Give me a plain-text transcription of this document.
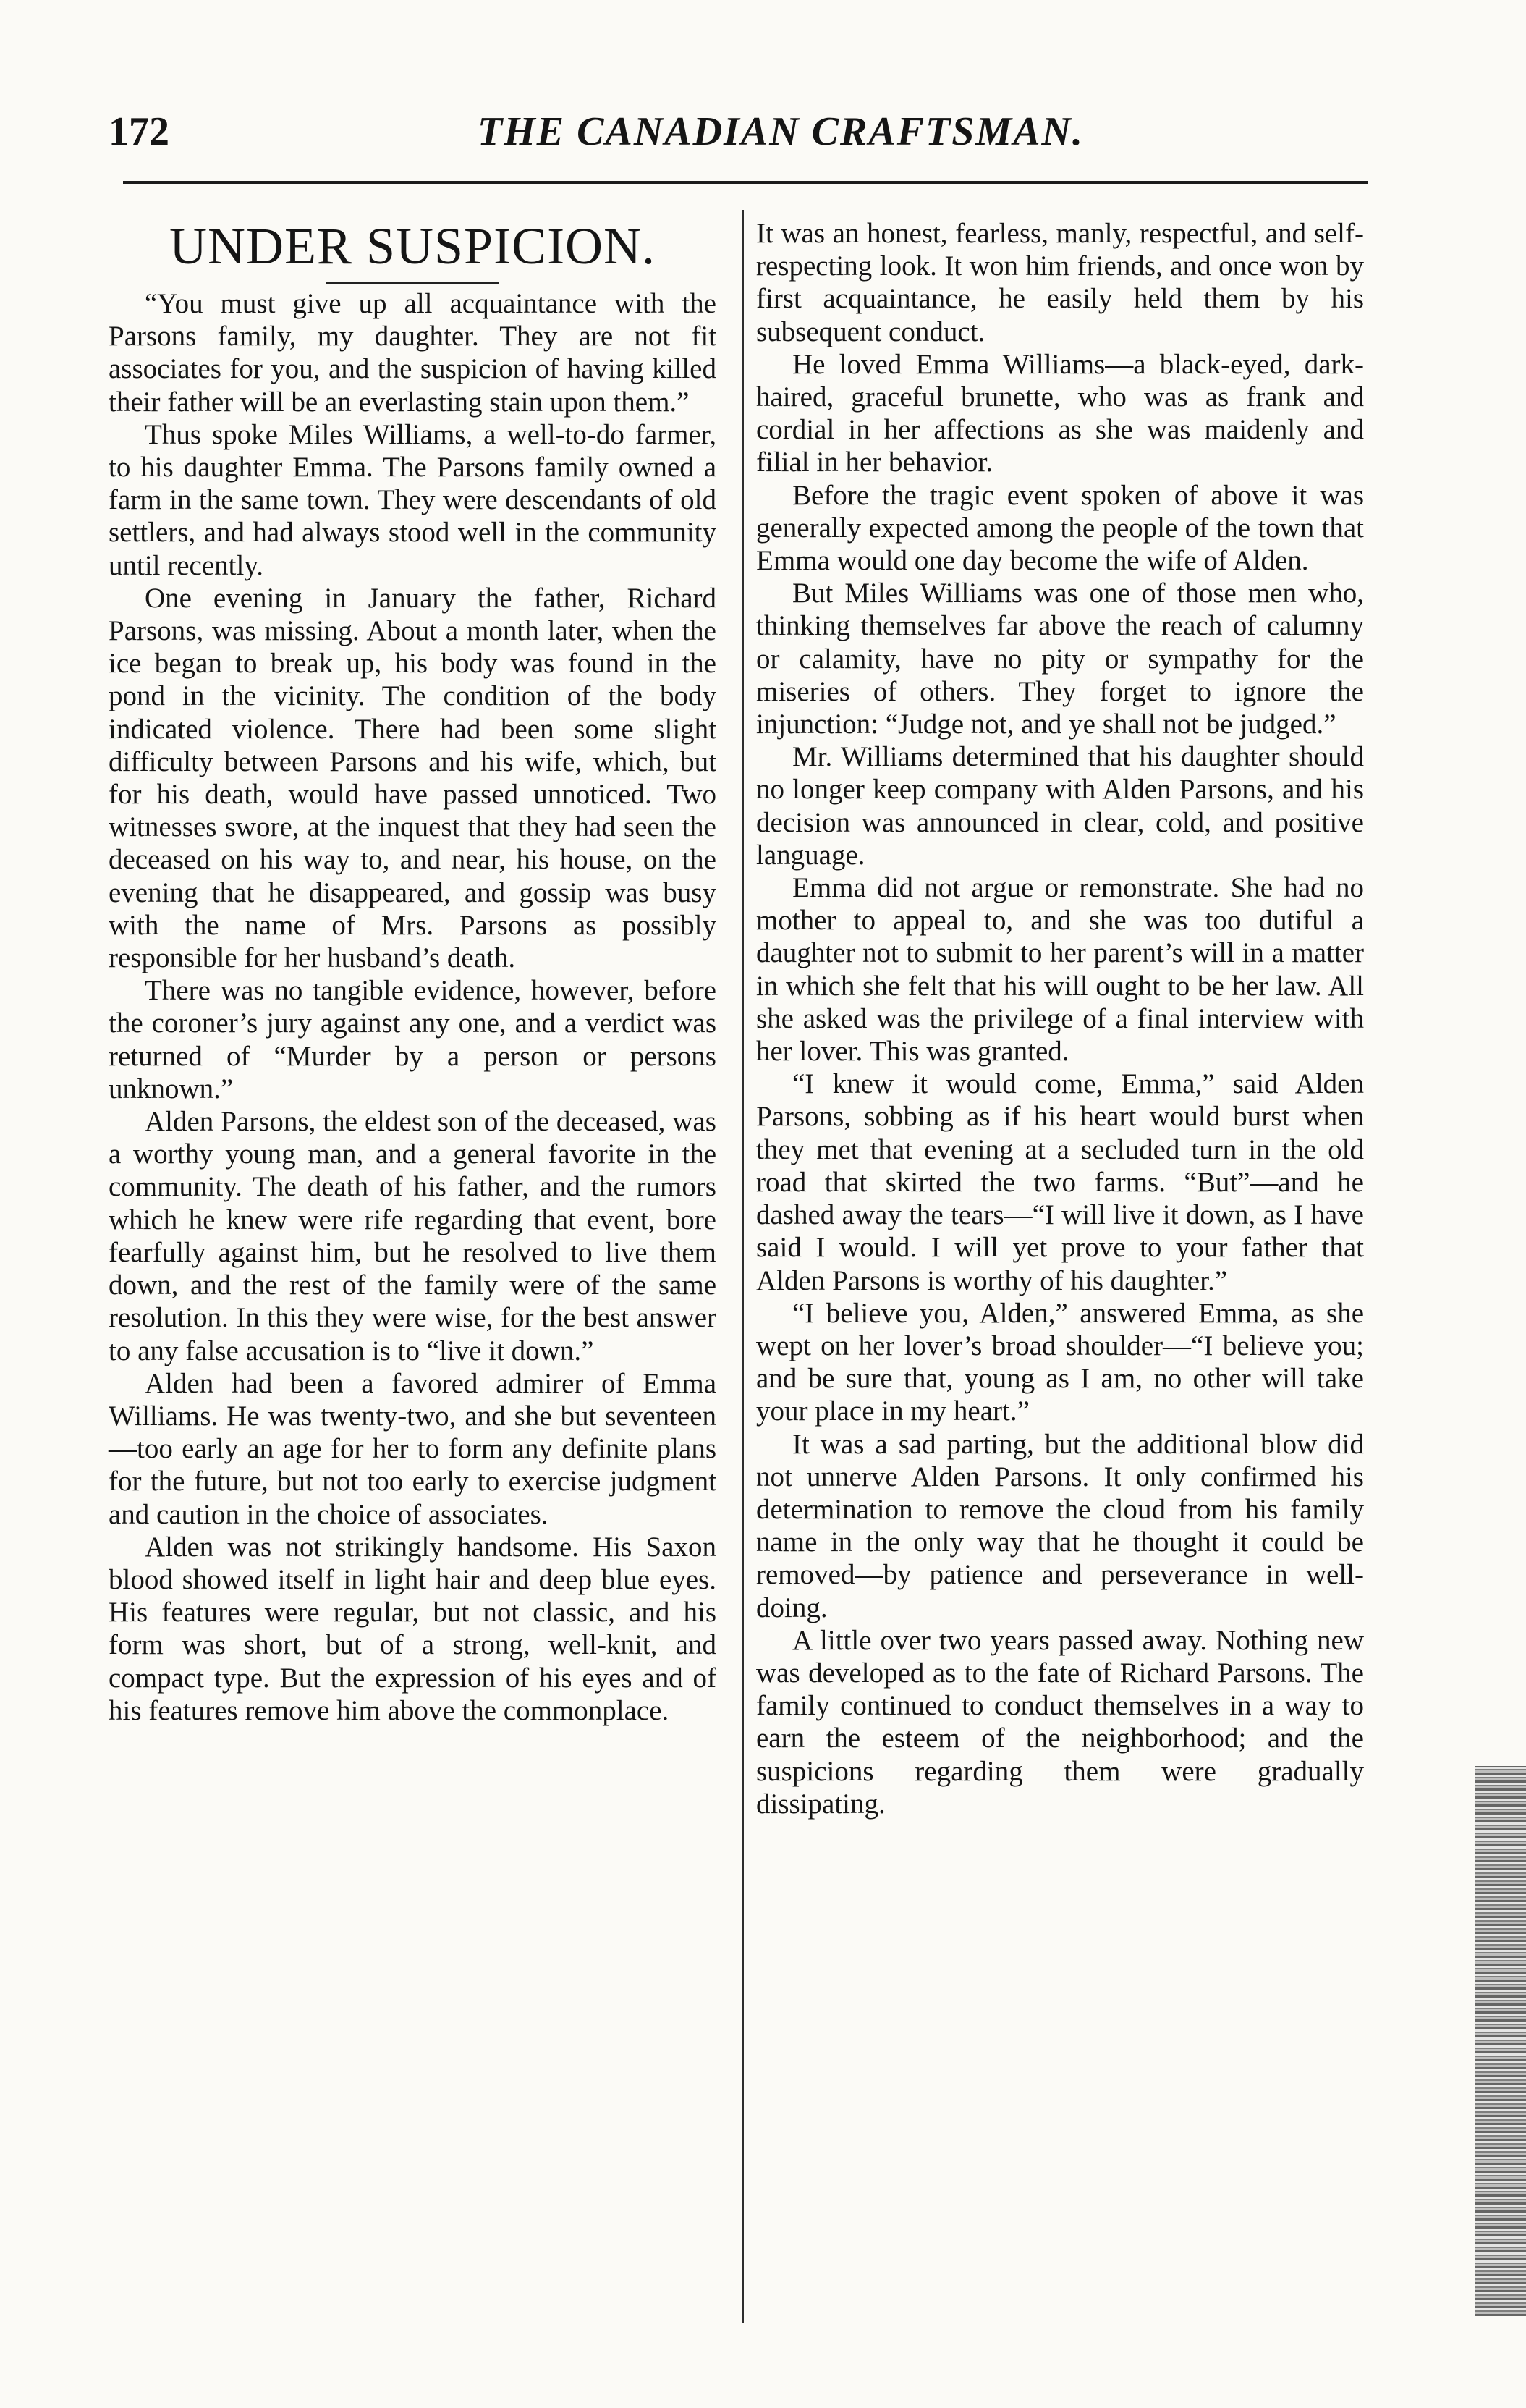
172	THE CANADIAN CRAFTSMAN.
UNDER SUSPICION.

“You must give up all acquaintance with the Parsons family, my daughter. They are not fit associates for you, and the suspicion of having killed their father will be an everlasting stain upon them.”

Thus spoke Miles Williams, a well-to-do farmer, to his daughter Emma. The Parsons family owned a farm in the same town. They were descendants of old settlers, and had always stood well in the community until recently.

One evening in January the father, Richard Parsons, was missing. About a month later, when the ice began to break up, his body was found in the pond in the vicinity. The condition of the body indicated violence. There had been some slight difficulty between Parsons and his wife, which, but for his death, would have passed unnoticed. Two witnesses swore, at the inquest that they had seen the deceased on his way to, and near, his house, on the evening that he disappeared, and gossip was busy with the name of Mrs. Parsons as possibly responsible for her husband’s death.

There was no tangible evidence, however, before the coroner’s jury against any one, and a verdict was returned of “Murder by a person or persons unknown.”

Alden Parsons, the eldest son of the deceased, was a worthy young man, and a general favorite in the community. The death of his father, and the rumors which he knew were rife regarding that event, bore fearfully against him, but he resolved to live them down, and the rest of the family were of the same resolution. In this they were wise, for the best answer to any false accusation is to “live it down.”

Alden had been a favored admirer of Emma Williams. He was twenty-two, and she but seventeen—too early an age for her to form any definite plans for the future, but not too early to exercise judgment and caution in the choice of associates.

Alden was not strikingly handsome. His Saxon blood showed itself in light hair and deep blue eyes. His features were regular, but not classic, and his form was short, but of a strong, well-knit, and compact type. But the expression of his eyes and of his features remove him above the commonplace.

It was an honest, fearless, manly, respectful, and self-respecting look. It won him friends, and once won by first acquaintance, he easily held them by his subsequent conduct.

He loved Emma Williams—a black-eyed, dark-haired, graceful brunette, who was as frank and cordial in her affections as she was maidenly and filial in her behavior.

Before the tragic event spoken of above it was generally expected among the people of the town that Emma would one day become the wife of Alden.

But Miles Williams was one of those men who, thinking themselves far above the reach of calumny or calamity, have no pity or sympathy for the miseries of others. They forget to ignore the injunction: “Judge not, and ye shall not be judged.”

Mr. Williams determined that his daughter should no longer keep company with Alden Parsons, and his decision was announced in clear, cold, and positive language.

Emma did not argue or remonstrate. She had no mother to appeal to, and she was too dutiful a daughter not to submit to her parent’s will in a matter in which she felt that his will ought to be her law. All she asked was the privilege of a final interview with her lover. This was granted.

“I knew it would come, Emma,” said Alden Parsons, sobbing as if his heart would burst when they met that evening at a secluded turn in the old road that skirted the two farms. “But”—and he dashed away the tears—“I will live it down, as I have said I would. I will yet prove to your father that Alden Parsons is worthy of his daughter.”

“I believe you, Alden,” answered Emma, as she wept on her lover’s broad shoulder—“I believe you; and be sure that, young as I am, no other will take your place in my heart.”

It was a sad parting, but the additional blow did not unnerve Alden Parsons. It only confirmed his determination to remove the cloud from his family name in the only way that he thought it could be removed—by patience and perseverance in well-doing.

A little over two years passed away. Nothing new was developed as to the fate of Richard Parsons. The family continued to conduct themselves in a way to earn the esteem of the neighborhood; and the suspicions regarding them were gradually dissipating.
